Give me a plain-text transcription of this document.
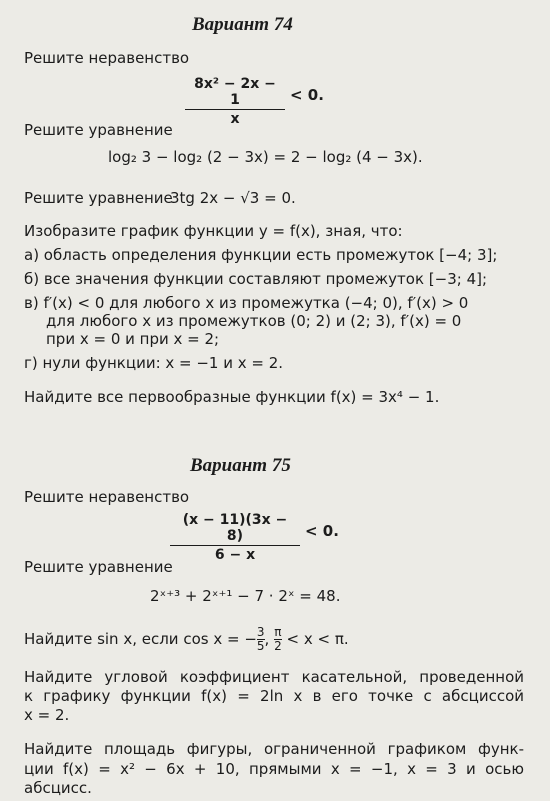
Вариант 74
Решите неравенство
8x² − 2x − 1
x
< 0.
Решите уравнение
log₂ 3 − log₂ (2 − 3x) = 2 − log₂ (4 − 3x).
Решите уравнение
3tg 2x − √3 = 0.
Изобразите график функции y = f(x), зная, что:
а) область определения функции есть промежуток [−4; 3];
б) все значения функции составляют промежуток [−3; 4];
в) f′(x) < 0 для любого x из промежутка (−4; 0), f′(x) > 0
для любого x из промежутков (0; 2) и (2; 3), f′(x) = 0
при x = 0 и при x = 2;
г) нули функции: x = −1 и x = 2.
Найдите все первообразные функции f(x) = 3x⁴ − 1.
Вариант 75
Решите неравенство
(x − 11)(3x − 8)
6 − x
< 0.
Решите уравнение
2ˣ⁺³ + 2ˣ⁺¹ − 7 · 2ˣ = 48.
Найдите sin x, если cos x = − $\frac{3}{5}$ , $\frac{\pi}{2} < x < \pi$.
Найдите угловой коэффициент касательной, проведенной
к графику функции f(x) = 2ln x в его точке с абсциссой
x = 2.
Найдите площадь фигуры, ограниченной графиком функ-
ции f(x) = x² − 6x + 10, прямыми x = −1, x = 3 и осью
абсцисс.
